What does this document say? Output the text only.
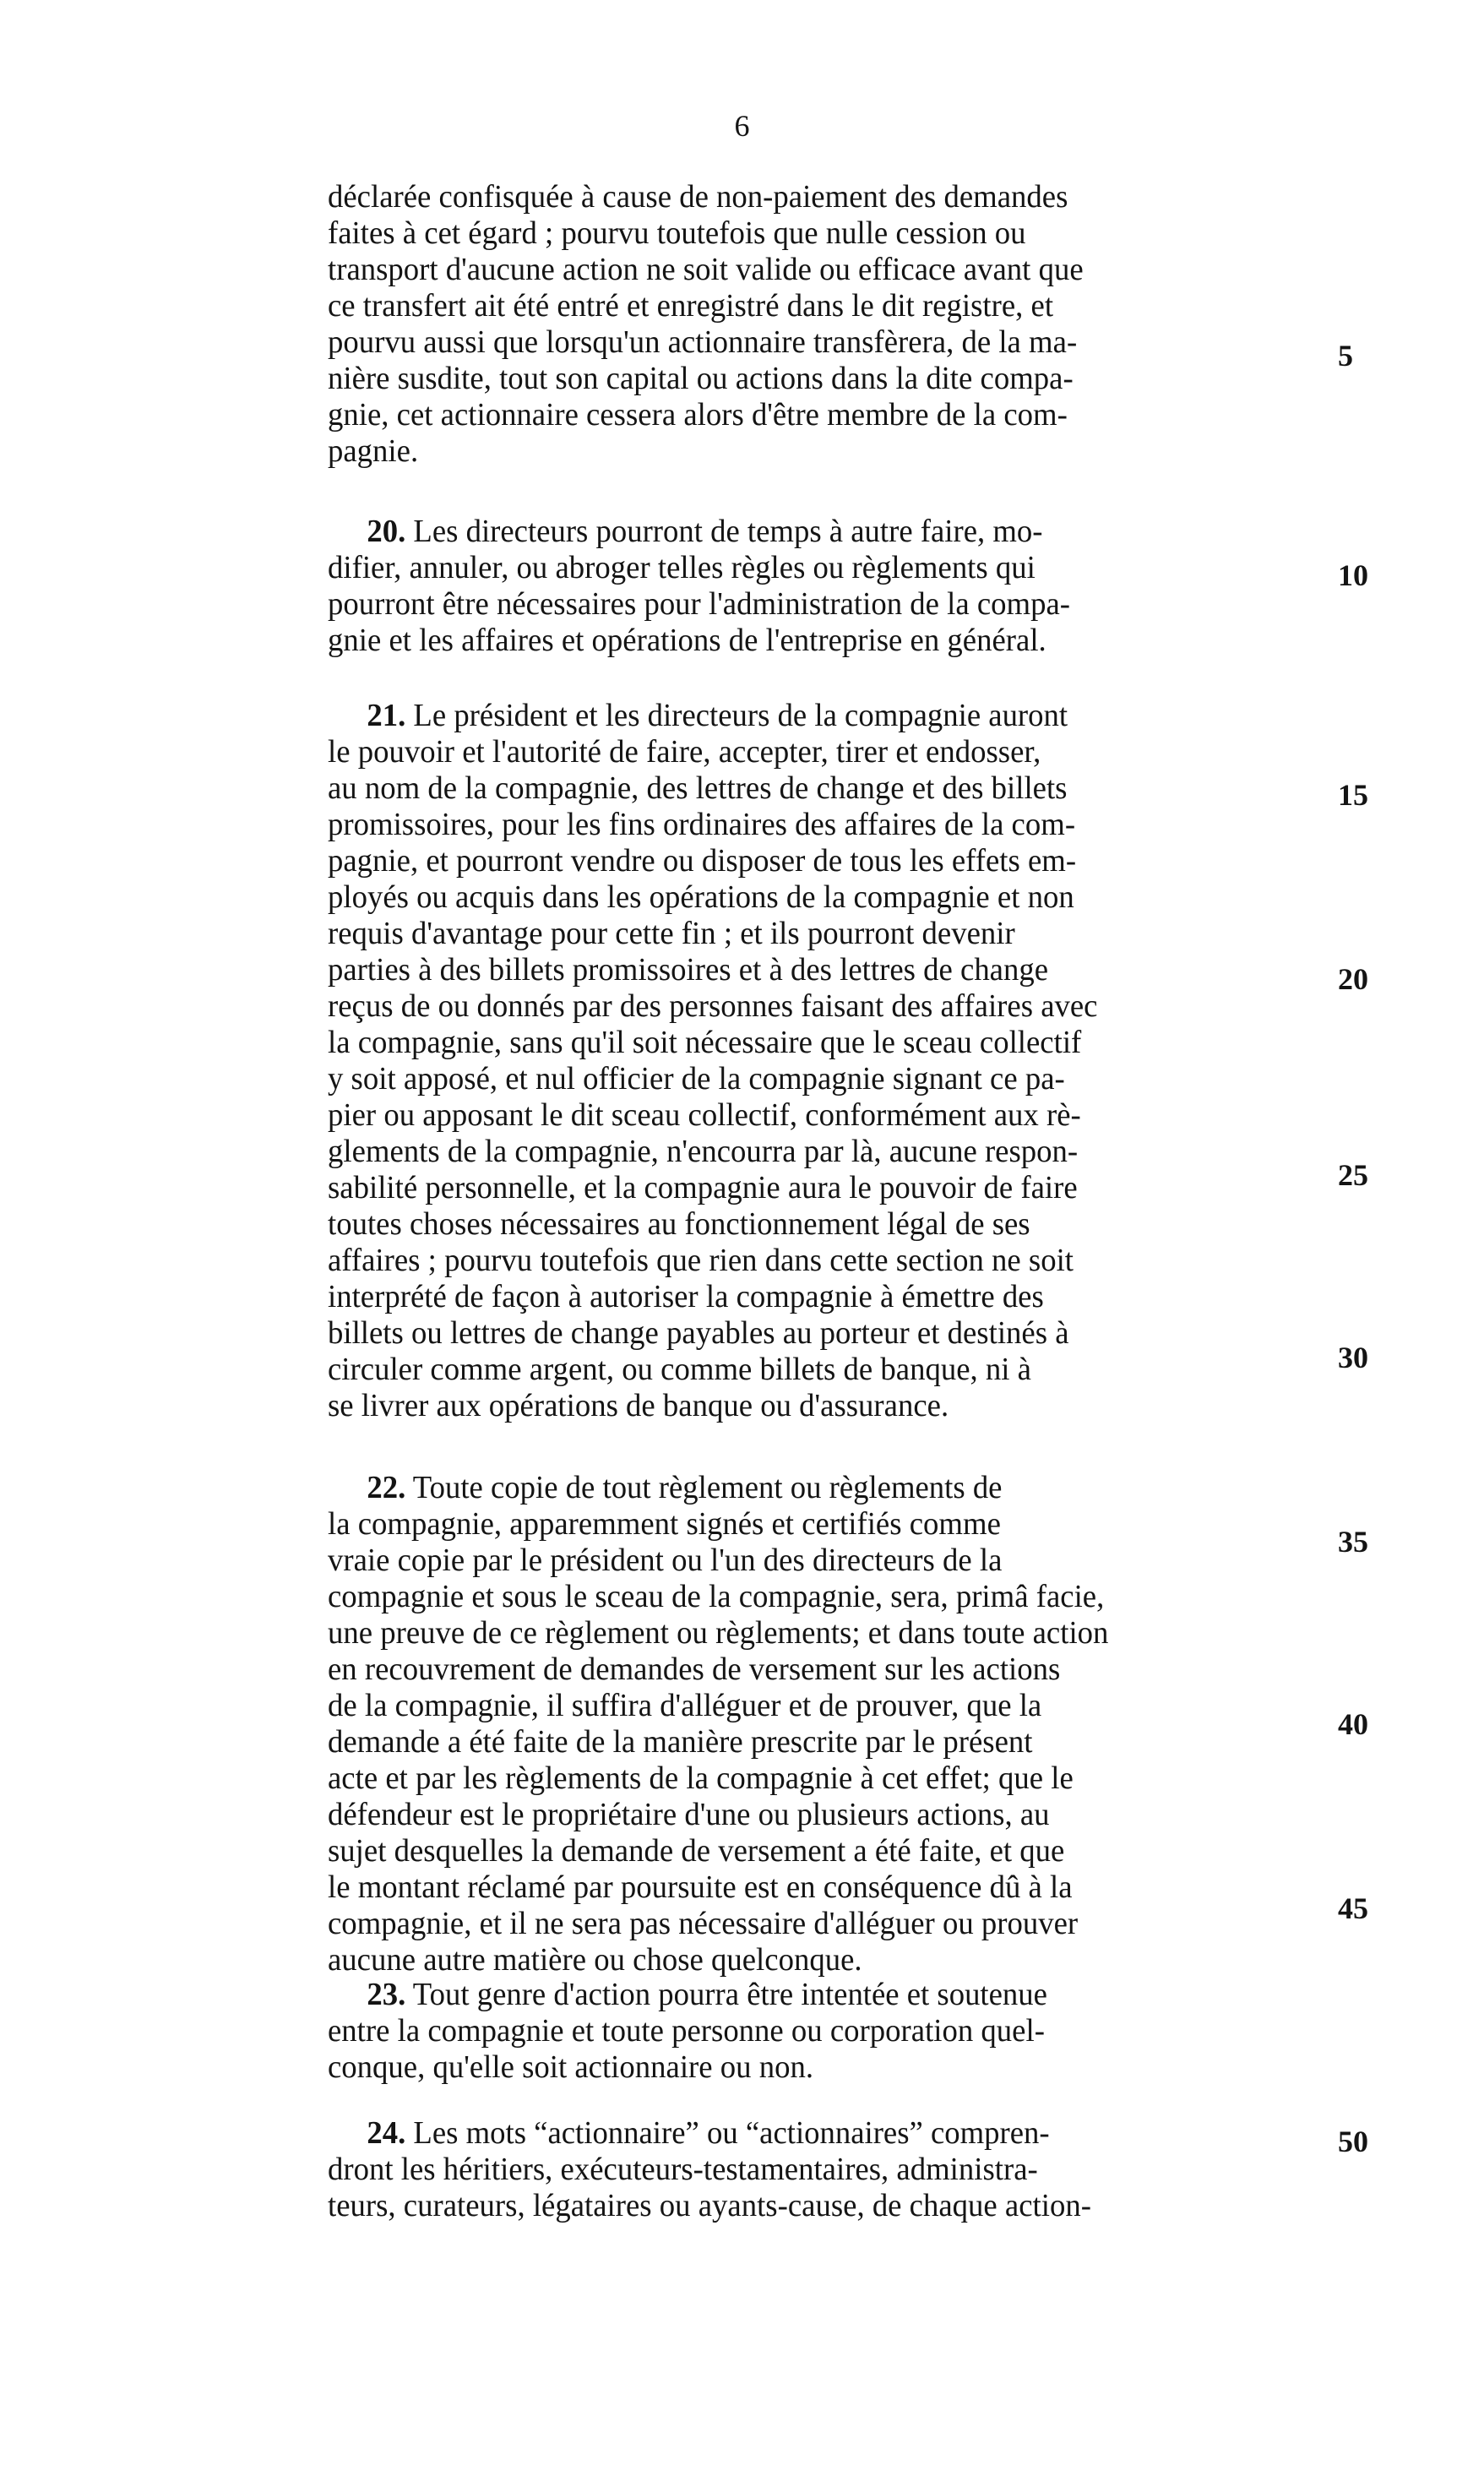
6
déclarée confisquée à cause de non-paiement des demandes
faites à cet égard ; pourvu toutefois que nulle cession ou
transport d'aucune action ne soit valide ou efficace avant que
ce transfert ait été entré et enregistré dans le dit registre, et
pourvu aussi que lorsqu'un actionnaire transfèrera, de la ma-
nière susdite, tout son capital ou actions dans la dite compa-
gnie, cet actionnaire cessera alors d'être membre de la com-
pagnie.
20. Les directeurs pourront de temps à autre faire, mo-
difier, annuler, ou abroger telles règles ou règlements qui
pourront être nécessaires pour l'administration de la compa-
gnie et les affaires et opérations de l'entreprise en général.
21. Le président et les directeurs de la compagnie auront
le pouvoir et l'autorité de faire, accepter, tirer et endosser,
au nom de la compagnie, des lettres de change et des billets
promissoires, pour les fins ordinaires des affaires de la com-
pagnie, et pourront vendre ou disposer de tous les effets em-
ployés ou acquis dans les opérations de la compagnie et non
requis d'avantage pour cette fin ; et ils pourront devenir
parties à des billets promissoires et à des lettres de change
reçus de ou donnés par des personnes faisant des affaires avec
la compagnie, sans qu'il soit nécessaire que le sceau collectif
y soit apposé, et nul officier de la compagnie signant ce pa-
pier ou apposant le dit sceau collectif, conformément aux rè-
glements de la compagnie, n'encourra par là, aucune respon-
sabilité personnelle, et la compagnie aura le pouvoir de faire
toutes choses nécessaires au fonctionnement légal de ses
affaires ; pourvu toutefois que rien dans cette section ne soit
interprété de façon à autoriser la compagnie à émettre des
billets ou lettres de change payables au porteur et destinés à
circuler comme argent, ou comme billets de banque, ni à
se livrer aux opérations de banque ou d'assurance.
22. Toute copie de tout règlement ou règlements de
la compagnie, apparemment signés et certifiés comme
vraie copie par le président ou l'un des directeurs de la
compagnie et sous le sceau de la compagnie, sera, primâ facie,
une preuve de ce règlement ou règlements; et dans toute action
en recouvrement de demandes de versement sur les actions
de la compagnie, il suffira d'alléguer et de prouver, que la
demande a été faite de la manière prescrite par le présent
acte et par les règlements de la compagnie à cet effet; que le
défendeur est le propriétaire d'une ou plusieurs actions, au
sujet desquelles la demande de versement a été faite, et que
le montant réclamé par poursuite est en conséquence dû à la
compagnie, et il ne sera pas nécessaire d'alléguer ou prouver
aucune autre matière ou chose quelconque.
23. Tout genre d'action pourra être intentée et soutenue
entre la compagnie et toute personne ou corporation quel-
conque, qu'elle soit actionnaire ou non.
24. Les mots “actionnaire” ou “actionnaires” compren-
dront les héritiers, exécuteurs-testamentaires, administra-
teurs, curateurs, légataires ou ayants-cause, de chaque action-
5
10
15
20
25
30
35
40
45
50
